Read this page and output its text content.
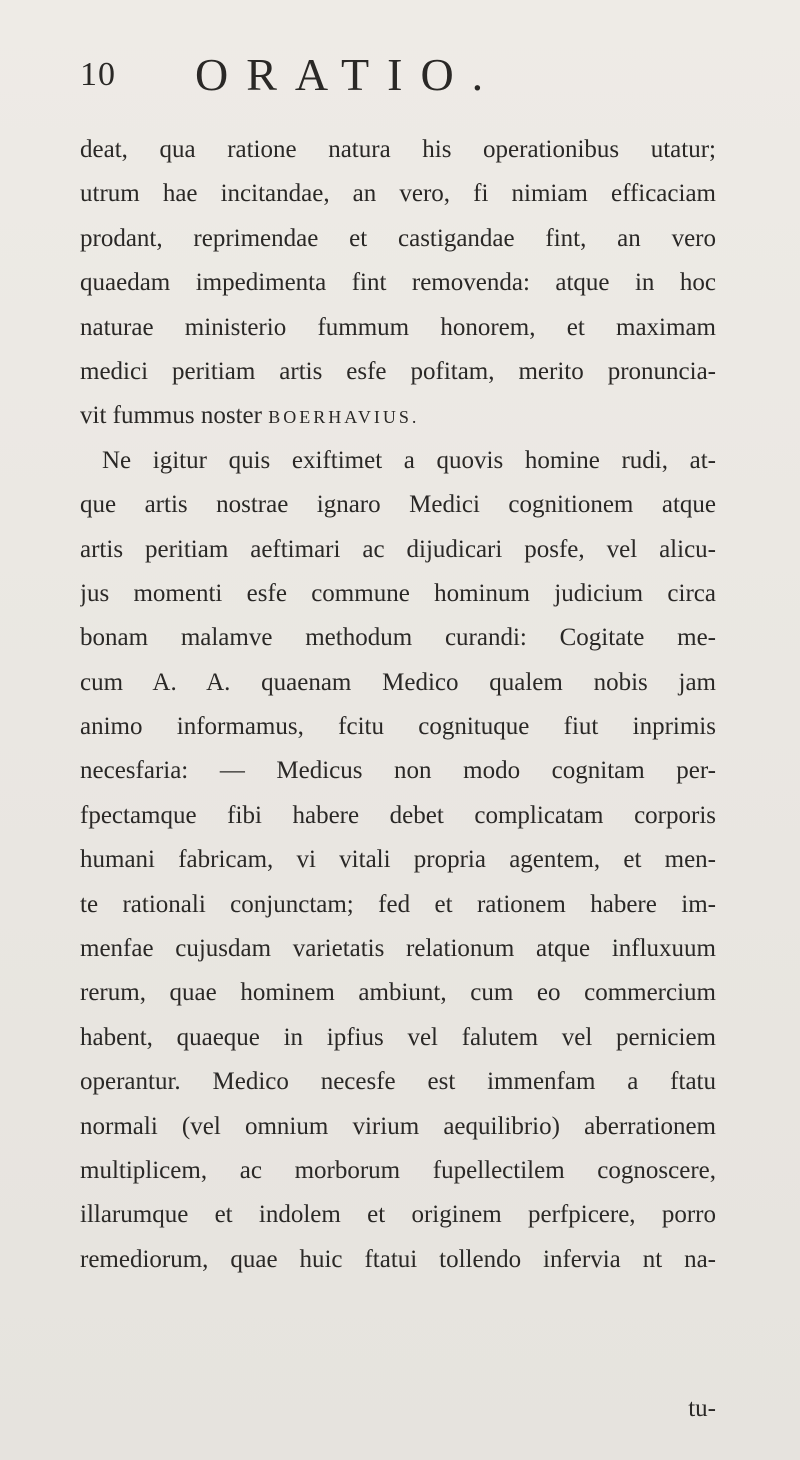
10 ORATIO.
deat, qua ratione natura his operationibus utatur;
utrum hae incitandae, an vero, fi nimiam efficaciam
prodant, reprimendae et castigandae fint, an vero
quaedam impedimenta fint removenda: atque in hoc
naturae ministerio fummum honorem, et maximam
medici peritiam artis esfe pofitam, merito pronuncia-
vit fummus noster BOERHAVIUS.
Ne igitur quis exiftimet a quovis homine rudi, at-
que artis nostrae ignaro Medici cognitionem atque
artis peritiam aeftimari ac dijudicari posfe, vel alicu-
jus momenti esfe commune hominum judicium circa
bonam malamve methodum curandi: Cogitate me-
cum A. A. quaenam Medico qualem nobis jam
animo informamus, fcitu cognituque fiut inprimis
necesfaria: — Medicus non modo cognitam per-
fpectamque fibi habere debet complicatam corporis
humani fabricam, vi vitali propria agentem, et men-
te rationali conjunctam; fed et rationem habere im-
menfae cujusdam varietatis relationum atque influxuum
rerum, quae hominem ambiunt, cum eo commercium
habent, quaeque in ipfius vel falutem vel perniciem
operantur. Medico necesfe est immenfam a ftatu
normali (vel omnium virium aequilibrio) aberrationem
multiplicem, ac morborum fupellectilem cognoscere,
illarumque et indolem et originem perfpicere, porro
remediorum, quae huic ftatui tollendo infervia nt na-
tu-
